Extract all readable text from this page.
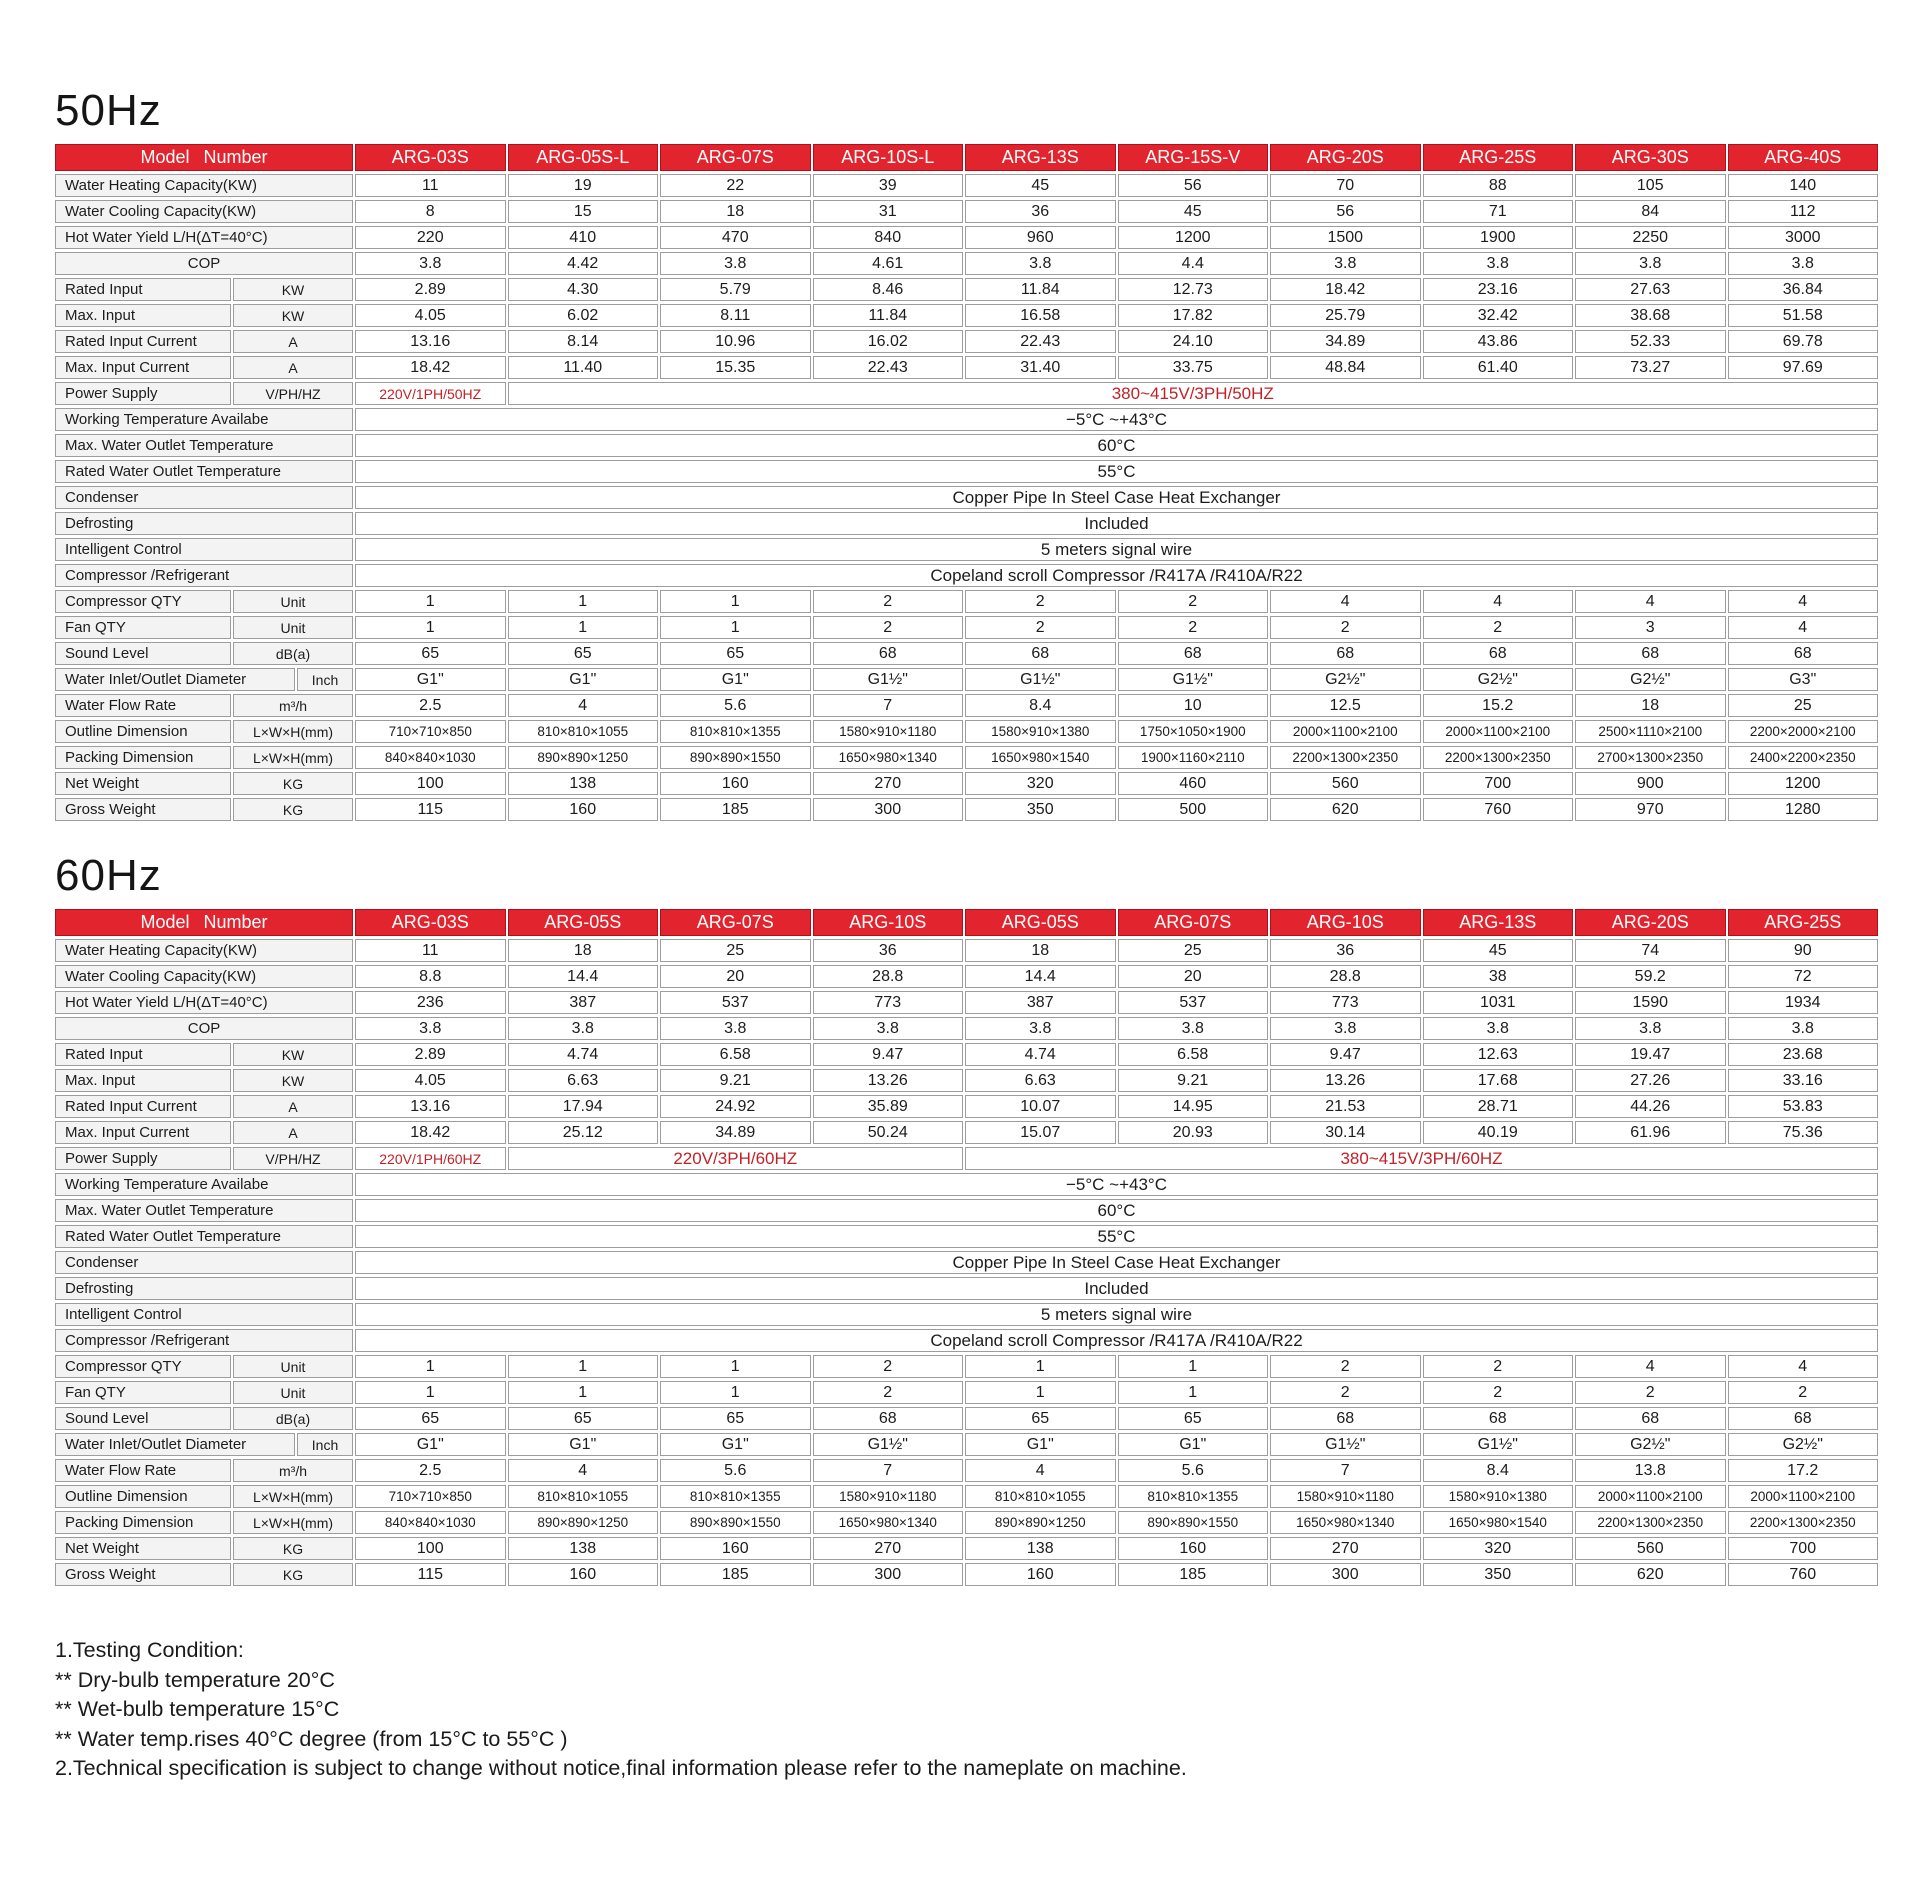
50Hz
Model Number	ARG-03S	ARG-05S-L	ARG-07S	ARG-10S-L	ARG-13S	ARG-15S-V	ARG-20S	ARG-25S	ARG-30S	ARG-40S
Water Heating Capacity(KW)	11	19	22	39	45	56	70	88	105	140
Water Cooling Capacity(KW)	8	15	18	31	36	45	56	71	84	112
Hot Water Yield L/H(ΔT=40°C)	220	410	470	840	960	1200	1500	1900	2250	3000
COP	3.8	4.42	3.8	4.61	3.8	4.4	3.8	3.8	3.8	3.8
Rated Input	KW	2.89	4.30	5.79	8.46	11.84	12.73	18.42	23.16	27.63	36.84
Max. Input	KW	4.05	6.02	8.11	11.84	16.58	17.82	25.79	32.42	38.68	51.58
Rated Input Current	A	13.16	8.14	10.96	16.02	22.43	24.10	34.89	43.86	52.33	69.78
Max. Input Current	A	18.42	11.40	15.35	22.43	31.40	33.75	48.84	61.40	73.27	97.69
Power Supply	V/PH/HZ	220V/1PH/50HZ	380~415V/3PH/50HZ
Working Temperature Availabe	−5°C ~+43°C
Max. Water Outlet Temperature	60°C
Rated Water Outlet Temperature	55°C
Condenser	Copper Pipe In Steel Case Heat Exchanger
Defrosting	Included
Intelligent Control	5 meters signal wire
Compressor /Refrigerant	Copeland scroll Compressor /R417A /R410A/R22
Compressor QTY	Unit	1	1	1	2	2	2	4	4	4	4
Fan QTY	Unit	1	1	1	2	2	2	2	2	3	4
Sound Level	dB(a)	65	65	65	68	68	68	68	68	68	68
Water Inlet/Outlet Diameter	Inch	G1"	G1"	G1"	G1½"	G1½"	G1½"	G2½"	G2½"	G2½"	G3"
Water Flow Rate	m³/h	2.5	4	5.6	7	8.4	10	12.5	15.2	18	25
Outline Dimension	L×W×H(mm)	710×710×850	810×810×1055	810×810×1355	1580×910×1180	1580×910×1380	1750×1050×1900	2000×1100×2100	2000×1100×2100	2500×1110×2100	2200×2000×2100
Packing Dimension	L×W×H(mm)	840×840×1030	890×890×1250	890×890×1550	1650×980×1340	1650×980×1540	1900×1160×2110	2200×1300×2350	2200×1300×2350	2700×1300×2350	2400×2200×2350
Net Weight	KG	100	138	160	270	320	460	560	700	900	1200
Gross Weight	KG	115	160	185	300	350	500	620	760	970	1280
60Hz
Model Number	ARG-03S	ARG-05S	ARG-07S	ARG-10S	ARG-05S	ARG-07S	ARG-10S	ARG-13S	ARG-20S	ARG-25S
Water Heating Capacity(KW)	11	18	25	36	18	25	36	45	74	90
Water Cooling Capacity(KW)	8.8	14.4	20	28.8	14.4	20	28.8	38	59.2	72
Hot Water Yield L/H(ΔT=40°C)	236	387	537	773	387	537	773	1031	1590	1934
COP	3.8	3.8	3.8	3.8	3.8	3.8	3.8	3.8	3.8	3.8
Rated Input	KW	2.89	4.74	6.58	9.47	4.74	6.58	9.47	12.63	19.47	23.68
Max. Input	KW	4.05	6.63	9.21	13.26	6.63	9.21	13.26	17.68	27.26	33.16
Rated Input Current	A	13.16	17.94	24.92	35.89	10.07	14.95	21.53	28.71	44.26	53.83
Max. Input Current	A	18.42	25.12	34.89	50.24	15.07	20.93	30.14	40.19	61.96	75.36
Power Supply	V/PH/HZ	220V/1PH/60HZ	220V/3PH/60HZ	380~415V/3PH/60HZ
Working Temperature Availabe	−5°C ~+43°C
Max. Water Outlet Temperature	60°C
Rated Water Outlet Temperature	55°C
Condenser	Copper Pipe In Steel Case Heat Exchanger
Defrosting	Included
Intelligent Control	5 meters signal wire
Compressor /Refrigerant	Copeland scroll Compressor /R417A /R410A/R22
Compressor QTY	Unit	1	1	1	2	1	1	2	2	4	4
Fan QTY	Unit	1	1	1	2	1	1	2	2	2	2
Sound Level	dB(a)	65	65	65	68	65	65	68	68	68	68
Water Inlet/Outlet Diameter	Inch	G1"	G1"	G1"	G1½"	G1"	G1"	G1½"	G1½"	G2½"	G2½"
Water Flow Rate	m³/h	2.5	4	5.6	7	4	5.6	7	8.4	13.8	17.2
Outline Dimension	L×W×H(mm)	710×710×850	810×810×1055	810×810×1355	1580×910×1180	810×810×1055	810×810×1355	1580×910×1180	1580×910×1380	2000×1100×2100	2000×1100×2100
Packing Dimension	L×W×H(mm)	840×840×1030	890×890×1250	890×890×1550	1650×980×1340	890×890×1250	890×890×1550	1650×980×1340	1650×980×1540	2200×1300×2350	2200×1300×2350
Net Weight	KG	100	138	160	270	138	160	270	320	560	700
Gross Weight	KG	115	160	185	300	160	185	300	350	620	760
1.Testing Condition:
** Dry-bulb temperature 20°C
** Wet-bulb temperature 15°C
** Water temp.rises 40°C degree (from 15°C to 55°C )
2.Technical specification is subject to change without notice,final information please refer to the nameplate on machine.
